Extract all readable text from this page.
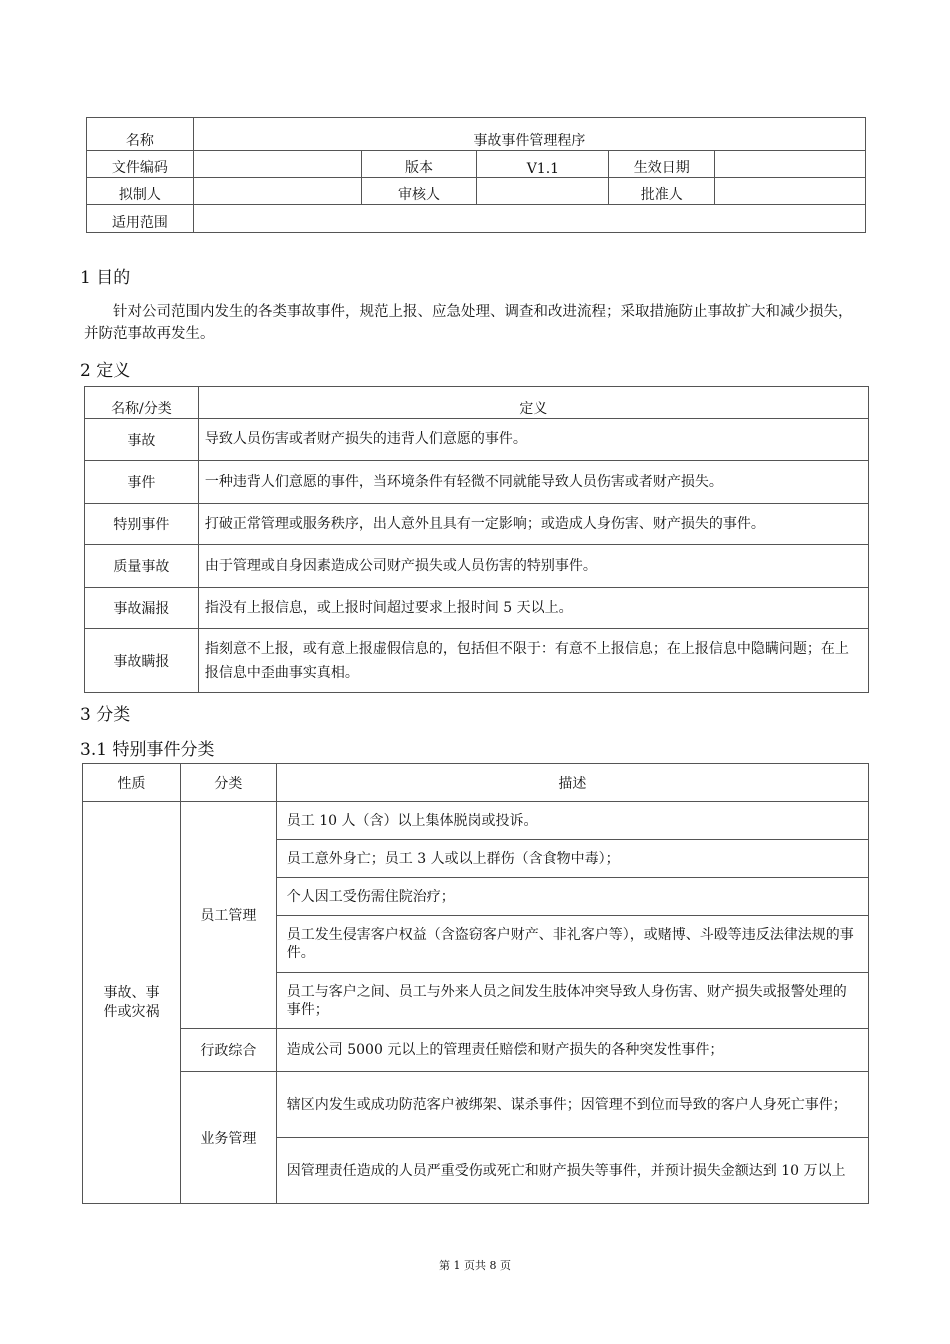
名称	事故事件管理程序				
文件编码		版本	V1.1	生效日期	
拟制人		审核人		批准人	
适用范围					
1 目的

针对公司范围内发生的各类事故事件，规范上报、应急处理、调查和改进流程；采取措施防止事故扩大和减少损失，并防范事故再发生。

2 定义
名称/分类	定义
事故	导致人员伤害或者财产损失的违背人们意愿的事件。
事件	一种违背人们意愿的事件，当环境条件有轻微不同就能导致人员伤害或者财产损失。
特别事件	打破正常管理或服务秩序，出人意外且具有一定影响；或造成人身伤害、财产损失的事件。
质量事故	由于管理或自身因素造成公司财产损失或人员伤害的特别事件。
事故漏报	指没有上报信息，或上报时间超过要求上报时间 5 天以上。
事故瞒报	指刻意不上报，或有意上报虚假信息的，包括但不限于：有意不上报信息；在上报信息中隐瞒问题；在上报信息中歪曲事实真相。
3 分类
3.1 特别事件分类
性质	分类	描述
事故、事件或灾祸	员工管理	员工 10 人（含）以上集体脱岗或投诉。
		员工意外身亡；员工 3 人或以上群伤（含食物中毒）；
		个人因工受伤需住院治疗；
		员工发生侵害客户权益（含盗窃客户财产、非礼客户等），或赌博、斗殴等违反法律法规的事件。
		员工与客户之间、员工与外来人员之间发生肢体冲突导致人身伤害、财产损失或报警处理的事件；
	行政综合	造成公司 5000 元以上的管理责任赔偿和财产损失的各种突发性事件；
	业务管理	辖区内发生或成功防范客户被绑架、谋杀事件；因管理不到位而导致的客户人身死亡事件；
		因管理责任造成的人员严重受伤或死亡和财产损失等事件，并预计损失金额达到 10 万以上
第 1 页共 8 页
